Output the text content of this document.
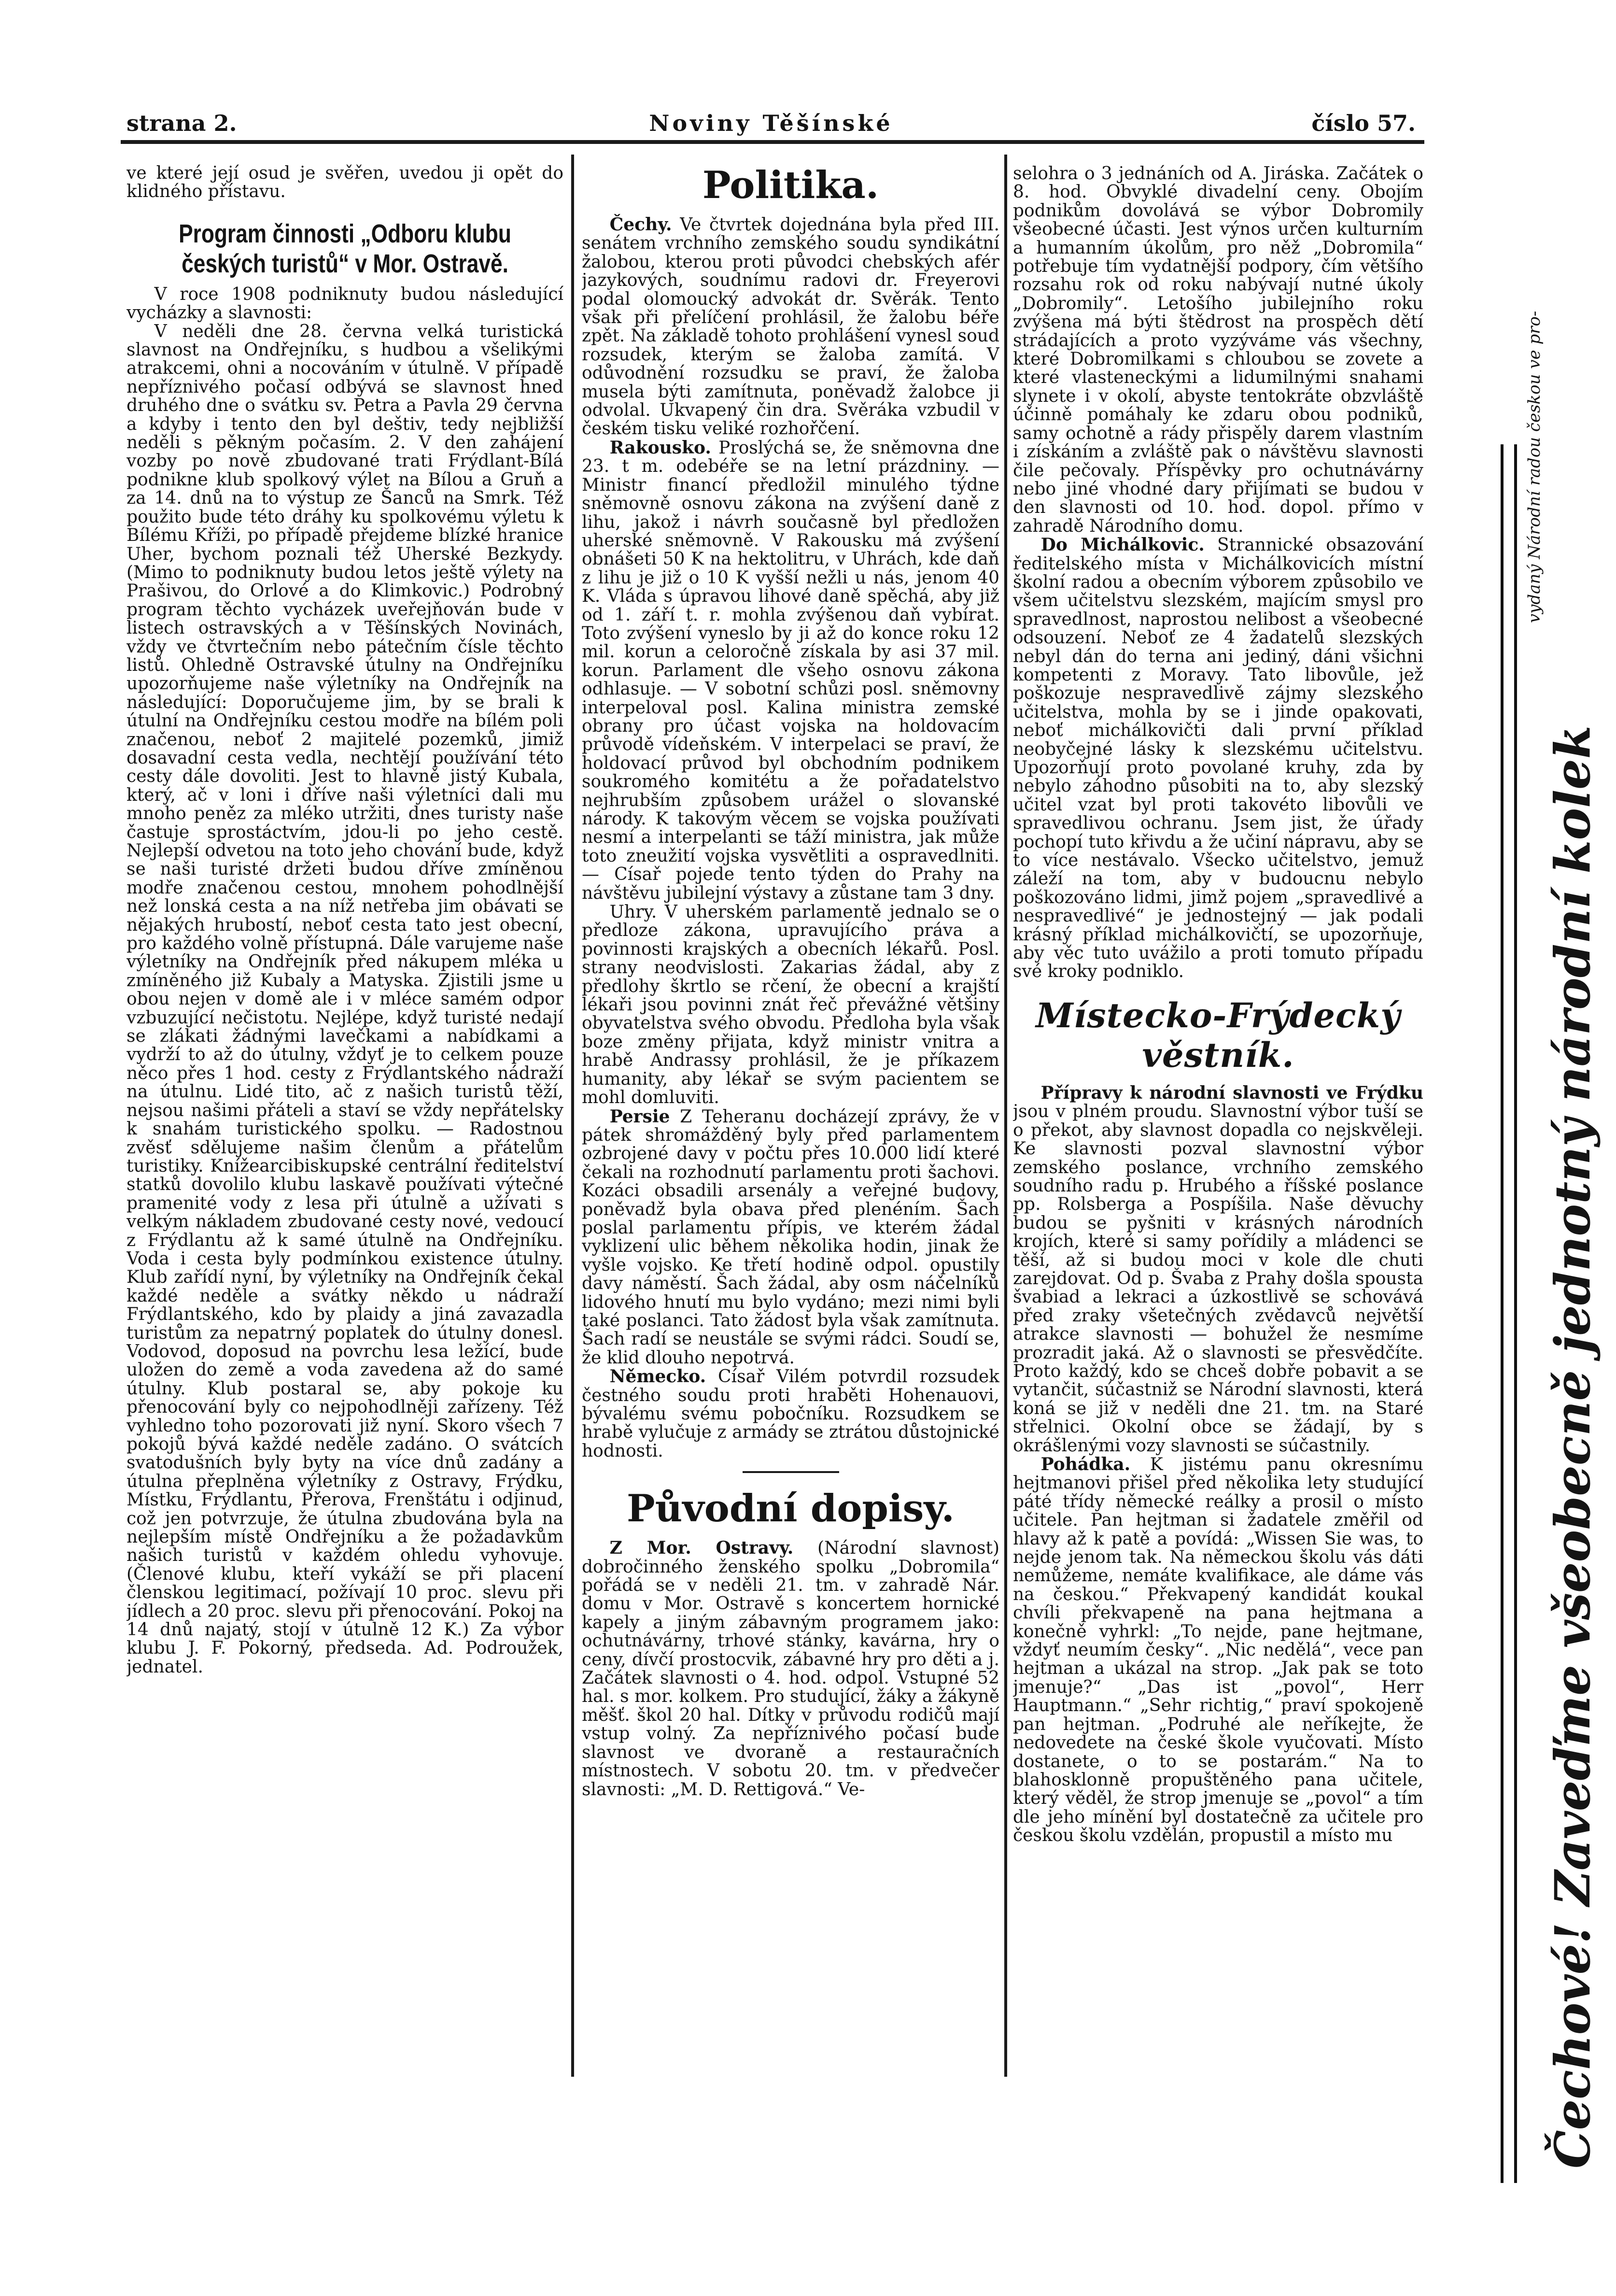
strana 2.	Noviny Těšínské	číslo 57.

ve které její osud je svěřen, uvedou ji opět do klidného přístavu.

Program činnosti „Odboru klubu českých turistů“ v Mor. Ostravě.

V roce 1908 podniknuty budou následující vycházky a slavnosti:

V neděli dne 28. června velká turistická slavnost na Ondřejníku, s hudbou a všelikými atrakcemi, ohni a nocováním v útulně. V případě nepříznivého počasí odbývá se slavnost hned druhého dne o svátku sv. Petra a Pavla 29 června a kdyby i tento den byl deštiv, tedy nejbližší neděli s pěkným počasím. 2. V den zahájení vozby po nově zbudované trati Frýdlant-Bílá podnikne klub spolkový výlet na Bílou a Gruň a za 14. dnů na to výstup ze Šanců na Smrk. Též použito bude této dráhy ku spolkovému výletu k Bílému Kříži, po případě přejdeme blízké hranice Uher, bychom poznali též Uherské Bezkydy. (Mimo to podniknuty budou letos ještě výlety na Prašivou, do Orlové a do Klimkovic.) Podrobný program těchto vycházek uveřejňován bude v listech ostravských a v Těšínských Novinách, vždy ve čtvrtečním nebo pátečním čísle těchto listů. Ohledně Ostravské útulny na Ondřejníku upozorňujeme naše výletníky na Ondřejník na následující: Doporučujeme jim, by se brali k útulní na Ondřejníku cestou modře na bílém poli značenou, neboť 2 majitelé pozemků, jimiž dosavadní cesta vedla, nechtějí používání této cesty dále dovoliti. Jest to hlavně jistý Kubala, který, ač v loni i dříve naši výletníci dali mu mnoho peněz za mléko utržiti, dnes turisty naše častuje sprostáctvím, jdou-li po jeho cestě. Nejlepší odvetou na toto jeho chování bude, když se naši turisté držeti budou dříve zmíněnou modře značenou cestou, mnohem pohodlnější než lonská cesta a na níž netřeba jim obávati se nějakých hrubostí, neboť cesta tato jest obecní, pro každého volně přístupná. Dále varujeme naše výletníky na Ondřejník před nákupem mléka u zmíněného již Kubaly a Matyska. Zjistili jsme u obou nejen v domě ale i v mléce samém odpor vzbuzující nečistotu. Nejlépe, když turisté nedají se zlákati žádnými lavečkami a nabídkami a vydrží to až do útulny, vždyť je to celkem pouze něco přes 1 hod. cesty z Frýdlantského nádraží na útulnu. Lidé tito, ač z našich turistů těží, nejsou našimi přáteli a staví se vždy nepřátelsky k snahám turistického spolku. — Radostnou zvěsť sdělujeme našim členům a přátelům turistiky. Knížearcibiskupské centrální ředitelství statků dovolilo klubu laskavě používati výtečné pramenité vody z lesa při útulně a užívati s velkým nákladem zbudované cesty nové, vedoucí z Frýdlantu až k samé útulně na Ondřejníku. Voda i cesta byly podmínkou existence útulny. Klub zařídí nyní, by výletníky na Ondřejník čekal každé neděle a svátky někdo u nádraží Frýdlantského, kdo by plaidy a jiná zavazadla turistům za nepatrný poplatek do útulny donesl. Vodovod, doposud na povrchu lesa ležící, bude uložen do země a voda zavedena až do samé útulny. Klub postaral se, aby pokoje ku přenocování byly co nejpohodlněji zařízeny. Též vyhledno toho pozorovati již nyní. Skoro všech 7 pokojů bývá každé neděle zadáno. O svátcích svatodušních byly byty na více dnů zadány a útulna přeplněna výletníky z Ostravy, Frýdku, Místku, Frýdlantu, Přerova, Frenštátu i odjinud, což jen potvrzuje, že útulna zbudována byla na nejlepším místě Ondřejníku a že požadavkům našich turistů v každém ohledu vyhovuje. (Členové klubu, kteří vykáží se při placení členskou legitimací, požívají 10 proc. slevu při jídlech a 20 proc. slevu při přenocování. Pokoj na 14 dnů najatý, stojí v útulně 12 K.) Za výbor klubu J. F. Pokorný, předseda. Ad. Podroužek, jednatel.

Politika.

Čechy. Ve čtvrtek dojednána byla před III. senátem vrchního zemského soudu syndikátní žalobou, kterou proti původci chebských afér jazykových, soudnímu radovi dr. Freyerovi podal olomoucký advokát dr. Svěrák. Tento však při přelíčení prohlásil, že žalobu béře zpět. Na základě tohoto prohlášení vynesl soud rozsudek, kterým se žaloba zamítá. V odůvodnění rozsudku se praví, že žaloba musela býti zamítnuta, poněvadž žalobce ji odvolal. Ukvapený čin dra. Svěráka vzbudil v českém tisku veliké rozhořčení.

Rakousko. Proslýchá se, že sněmovna dne 23. t m. odebéře se na letní prázdniny. — Ministr financí předložil minulého týdne sněmovně osnovu zákona na zvýšení daně z lihu, jakož i návrh současně byl předložen uherské sněmovně. V Rakousku má zvýšení obnášeti 50 K na hektolitru, v Uhrách, kde daň z lihu je již o 10 K vyšší nežli u nás, jenom 40 K. Vláda s úpravou lihové daně spěchá, aby již od 1. září t. r. mohla zvýšenou daň vybírat. Toto zvýšení vyneslo by ji až do konce roku 12 mil. korun a celoročně získala by asi 37 mil. korun. Parlament dle všeho osnovu zákona odhlasuje. — V sobotní schůzi posl. sněmovny interpeloval posl. Kalina ministra zemské obrany pro účast vojska na holdovacím průvodě vídeňském. V interpelaci se praví, že holdovací průvod byl obchodním podnikem soukromého komitétu a že pořadatelstvo nejhrubším způsobem urážel o slovanské národy. K takovým věcem se vojska používati nesmí a interpelanti se táží ministra, jak může toto zneužití vojska vysvětliti a ospravedlniti. — Císař pojede tento týden do Prahy na návštěvu jubilejní výstavy a zůstane tam 3 dny.

Uhry. V uherském parlamentě jednalo se o předloze zákona, upravujícího práva a povinnosti krajských a obecních lékařů. Posl. strany neodvislosti. Zakarias žádal, aby z předlohy škrtlo se rčení, že obecní a krajští lékaři jsou povinni znát řeč převážné většiny obyvatelstva svého obvodu. Předloha byla však boze změny přijata, když ministr vnitra a hrabě Andrassy prohlásil, že je příkazem humanity, aby lékař se svým pacientem se mohl domluviti.

Persie Z Teheranu docházejí zprávy, že v pátek shromážděný byly před parlamentem ozbrojené davy v počtu přes 10.000 lidí které čekali na rozhodnutí parlamentu proti šachovi. Kozáci obsadili arsenály a veřejné budovy, poněvadž byla obava před plenéním. Šach poslal parlamentu přípis, ve kterém žádal vyklizení ulic během několika hodin, jinak že vyšle vojsko. Ke třetí hodině odpol. opustily davy náměstí. Šach žádal, aby osm náčelníků lidového hnutí mu bylo vydáno; mezi nimi byli také poslanci. Tato žádost byla však zamítnuta. Šach radí se neustále se svými rádci. Soudí se, že klid dlouho nepotrvá.

Německo. Císař Vilém potvrdil rozsudek čestného soudu proti hraběti Hohenauovi, bývalému svému pobočníku. Rozsudkem se hrabě vylučuje z armády se ztrátou důstojnické hodnosti.

Původní dopisy.

Z Mor. Ostravy. (Národní slavnost) dobročinného ženského spolku „Dobromila“ pořádá se v neděli 21. tm. v zahradě Nár. domu v Mor. Ostravě s koncertem hornické kapely a jiným zábavným programem jako: ochutnávárny, trhové stánky, kavárna, hry o ceny, dívčí prostocvik, zábavné hry pro děti a j. Začátek slavnosti o 4. hod. odpol. Vstupné 52 hal. s mor. kolkem. Pro studující, žáky a žákyně měšť. škol 20 hal. Dítky v průvodu rodičů mají vstup volný. Za nepříznivého počasí bude slavnost ve dvoraně a restauračních místnostech. V sobotu 20. tm. v předvečer slavnosti: „M. D. Rettigová.“ Ve-

selohra o 3 jednáních od A. Jiráska. Začátek o 8. hod. Obvyklé divadelní ceny. Obojím podnikům dovolává se výbor Dobromily všeobecné účasti. Jest výnos určen kulturním a humanním úkolům, pro něž „Dobromila“ potřebuje tím vydatnější podpory, čím většího rozsahu rok od roku nabývají nutné úkoly „Dobromily“. Letošího jubilejního roku zvýšena má býti štědrost na prospěch dětí strádajících a proto vyzýváme vás všechny, které Dobromilkami s chloubou se zovete a které vlasteneckými a lidumilnými snahami slynete i v okolí, abyste tentokráte obzvláště účinně pomáhaly ke zdaru obou podniků, samy ochotně a rády přispěly darem vlastním i získáním a zvláště pak o návštěvu slavnosti čile pečovaly. Příspěvky pro ochutnávárny nebo jiné vhodné dary přijímati se budou v den slavnosti od 10. hod. dopol. přímo v zahradě Národního domu.

Do Michálkovic. Strannické obsazování ředitelského místa v Michálkovicích místní školní radou a obecním výborem způsobilo ve všem učitelstvu slezském, majícím smysl pro spravedlnost, naprostou nelibost a všeobecné odsouzení. Neboť ze 4 žadatelů slezských nebyl dán do terna ani jediný, dáni všichni kompetenti z Moravy. Tato libovůle, jež poškozuje nespravedlivě zájmy slezského učitelstva, mohla by se i jinde opakovati, neboť michálkovičti dali první příklad neobyčejné lásky k slezskému učitelstvu. Upozorňují proto povolané kruhy, zda by nebylo záhodno působiti na to, aby slezský učitel vzat byl proti takovéto libovůli ve spravedlivou ochranu. Jsem jist, že úřady pochopí tuto křivdu a že učiní nápravu, aby se to více nestávalo. Všecko učitelstvo, jemuž záleží na tom, aby v budoucnu nebylo poškozováno lidmi, jimž pojem „spravedlivé a nespravedlivé“ je jednostejný — jak podali krásný příklad michálkovičtí, se upozorňuje, aby věc tuto uvážilo a proti tomuto případu své kroky podniklo.

Místecko-Frýdecký věstník.

Přípravy k národní slavnosti ve Frýdku jsou v plném proudu. Slavnostní výbor tuší se o překot, aby slavnost dopadla co nejskvěleji. Ke slavnosti pozval slavnostní výbor zemského poslance, vrchního zemského soudního radu p. Hrubého a říšské poslance pp. Rolsberga a Pospíšila. Naše děvuchy budou se pyšniti v krásných národních krojích, které si samy pořídily a mládenci se těší, až si budou moci v kole dle chuti zarejdovat. Od p. Švaba z Prahy došla spousta švabiad a lekraci a úzkostlivě se schovává před zraky všetečných zvědavců největší atrakce slavnosti — bohužel že nesmíme prozradit jaká. Až o slavnosti se přesvědčíte. Proto každý, kdo se chceš dobře pobavit a se vytančit, súčastniž se Národní slavnosti, která koná se již v neděli dne 21. tm. na Staré střelnici. Okolní obce se žádají, by s okrášlenými vozy slavnosti se súčastnily.

Pohádka. K jistému panu okresnímu hejtmanovi přišel před několika lety studující páté třídy německé reálky a prosil o místo učitele. Pan hejtman si žadatele změřil od hlavy až k patě a povídá: „Wissen Sie was, to nejde jenom tak. Na německou školu vás dáti nemůžeme, nemáte kvalifikace, ale dáme vás na českou.“ Překvapený kandidát koukal chvíli překvapeně na pana hejtmana a konečně vyhrkl: „To nejde, pane hejtmane, vždyť neumím česky“. „Nic nedělá“, vece pan hejtman a ukázal na strop. „Jak pak se toto jmenuje?“ „Das ist „povol“, Herr Hauptmann.“ „Sehr richtig,“ praví spokojeně pan hejtman. „Podruhé ale neříkejte, že nedovedete na české škole vyučovati. Místo dostanete, o to se postarám.“ Na to blahosklonně propuštěného pana učitele, který věděl, že strop jmenuje se „povol“ a tím dle jeho mínění byl dostatečně za učitele pro českou školu vzdělán, propustil a místo mu	Čechové! Zaveďme všeobecně jednotný národní kolek
vydaný Národní radou českou ve pro-
